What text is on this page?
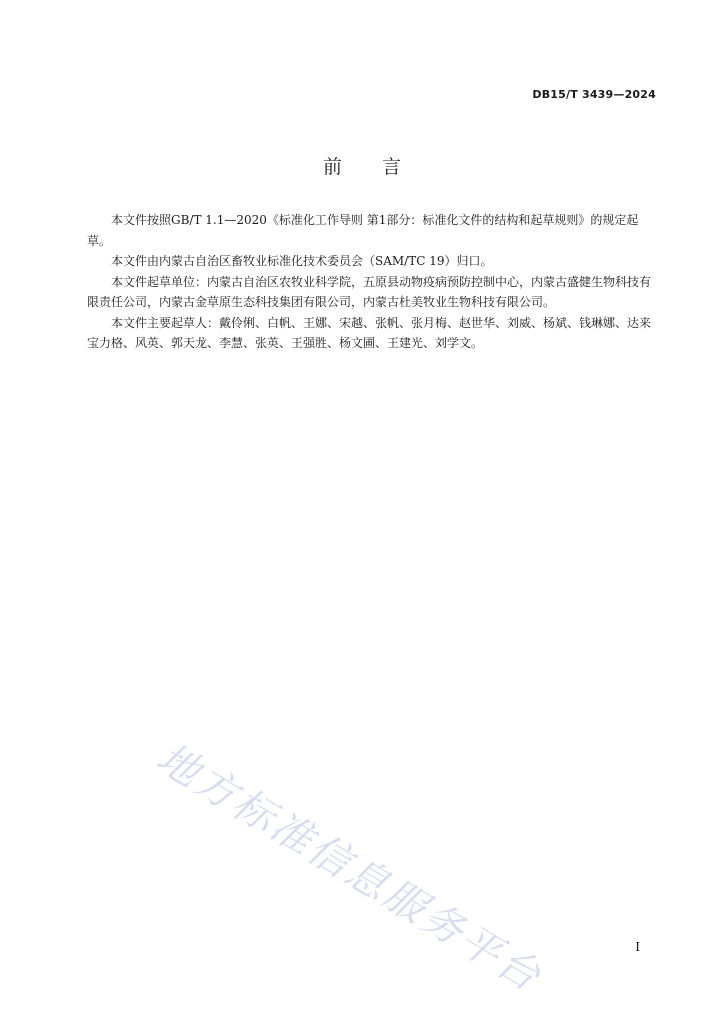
DB15/T 3439—2024
前 言

本文件按照GB/T 1.1—2020《标准化工作导则 第1部分：标准化文件的结构和起草规则》的规定起草。

本文件由内蒙古自治区畜牧业标准化技术委员会（SAM/TC 19）归口。

本文件起草单位：内蒙古自治区农牧业科学院，五原县动物疫病预防控制中心，内蒙古盛健生物科技有限责任公司，内蒙古金草原生态科技集团有限公司，内蒙古杜美牧业生物科技有限公司。

本文件主要起草人：戴伶俐、白帆、王娜、宋越、张帆、张月梅、赵世华、刘威、杨斌、钱琳娜、达来宝力格、风英、郭天龙、李慧、张英、王强胜、杨文圃、王建光、刘学文。

地方标准信息服务平台	I
